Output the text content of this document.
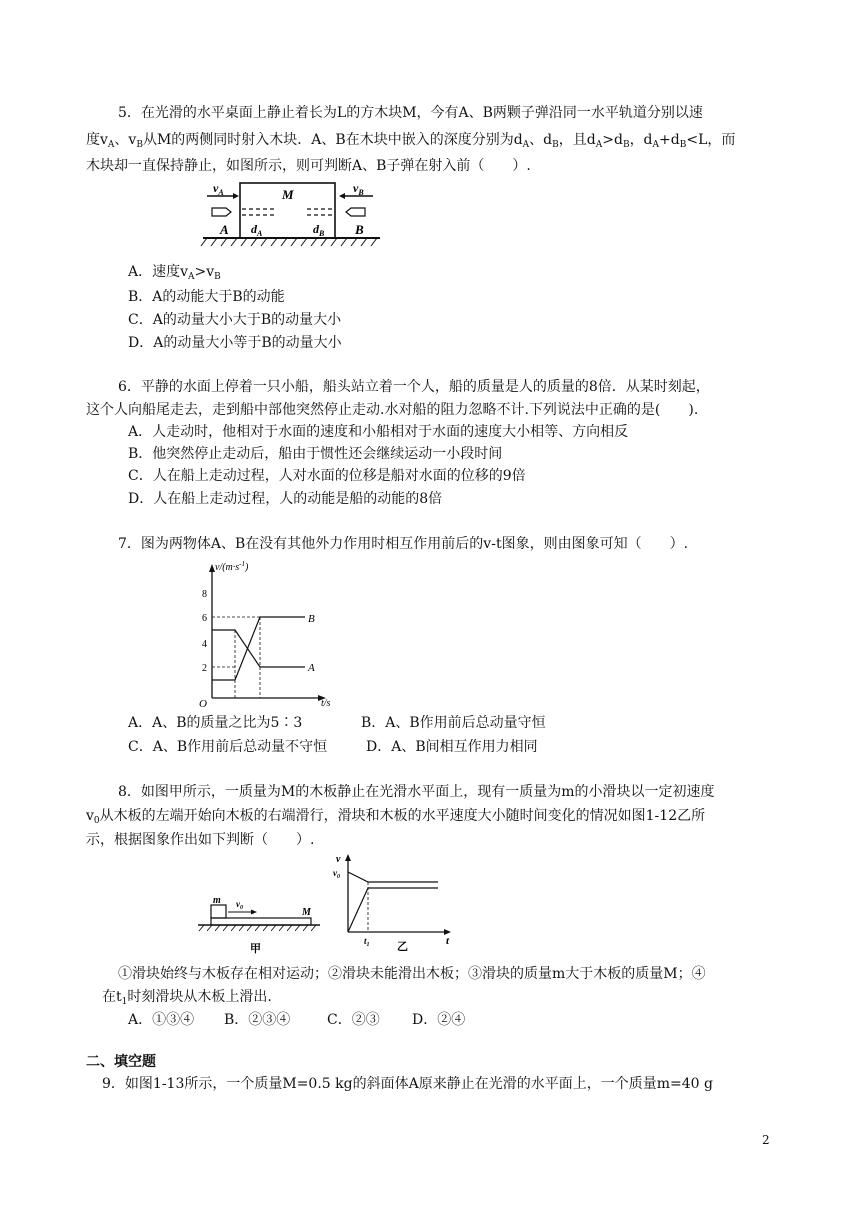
5．在光滑的水平桌面上静止着长为L的方木块M，今有A、B两颗子弹沿同一水平轨道分别以速
度$v_A$、$v_B$从M的两侧同时射入木块．A、B在木块中嵌入的深度分别为$d_A$、$d_B$，且$d_A>d_B$，$d_A+d_B<L$，而
木块却一直保持静止，如图所示，则可判断A、B子弹在射入前（　　）.
$v_A$	$v_B$
M
A	B
$d_A$	$d_B$
A．速度$v_A>v_B$
B．A的动能大于B的动能
C．A的动量大小大于B的动量大小
D．A的动量大小等于B的动量大小
6．平静的水面上停着一只小船，船头站立着一个人，船的质量是人的质量的8倍．从某时刻起，
这个人向船尾走去，走到船中部他突然停止走动.水对船的阻力忽略不计.下列说法中正确的是(　　).
A．人走动时，他相对于水面的速度和小船相对于水面的速度大小相等、方向相反
B．他突然停止走动后，船由于惯性还会继续运动一小段时间
C．人在船上走动过程，人对水面的位移是船对水面的位移的9倍
D．人在船上走动过程，人的动能是船的动能的8倍
7．图为两物体A、B在没有其他外力作用时相互作用前后的v-t图象，则由图象可知（　　）.
$v/(m\cdot s^{-1})$
t/s
O
2
4
6
8
B
A
A．A、B的质量之比为5∶3	B．A、B作用前后总动量守恒
C．A、B作用前后总动量不守恒	D．A、B间相互作用力相同
8．如图甲所示，一质量为M的木板静止在光滑水平面上，现有一质量为m的小滑块以一定初速度
$v_0$从木板的左端开始向木板的右端滑行，滑块和木板的水平速度大小随时间变化的情况如图1-12乙所
示，根据图象作出如下判断（　　）.
m $v_0$	M
甲
v
$v_0$
$t_1$	t
乙
①滑块始终与木板存在相对运动；②滑块未能滑出木板；③滑块的质量m大于木板的质量M；④
在$t_1$时刻滑块从木板上滑出.
A．①③④ B．②③④	C．②③ D．②④
二、填空题
9．如图1-13所示，一个质量M=0.5 kg的斜面体A原来静止在光滑的水平面上，一个质量m=40 g
2
